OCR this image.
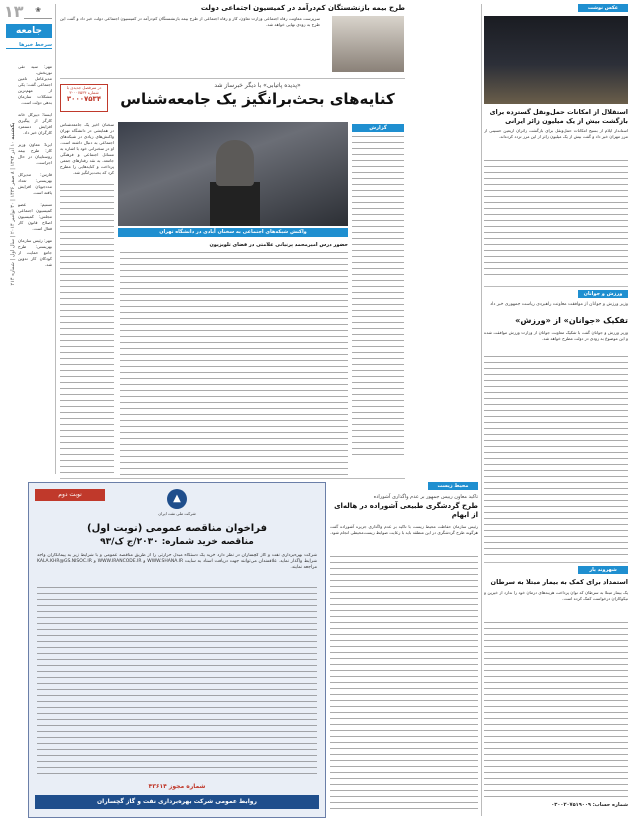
۱۳	❀
جامعه
سرخط خبرها
یکشنبه ۱۰ آذر ۱۳۹۳ | ۸ صفر ۱۴۳۶ | ۳۰ نوامبر ۲۰۱۴ | سال اول | شماره ۲۱۴
مهر: سید تقی نوربخش، مدیرعامل تامین اجتماعی گفت: یکی از مهم‌ترین مشکلات سازمان بدهی دولت است.
ایسنا: دبیرکل خانه کارگر از پیگیری افزایش دستمزد کارگران خبر داد.
ایرنا: معاون وزیر کار: طرح بیمه روستاییان در حال اجراست.
فارس: مدیرکل بهزیستی: تعداد مددجویان افزایش یافته است.
تسنیم: عضو کمیسیون اجتماعی مجلس: کمیسیون اصلاح قانون کار فعال است.
مهر: رئیس سازمان بهزیستی: طرح جامع حمایت از کودکان کار تدوین شد.
طرح بیمه بازنشستگان کم‌درآمد در کمیسیون اجتماعی دولت
سرپرست معاونت رفاه اجتماعی وزارت تعاون، کار و رفاه اجتماعی از طرح بیمه بازنشستگان کم‌درآمد در کمیسیون اجتماعی دولت خبر داد و گفت این طرح به زودی نهایی خواهد شد.
در سرفصل جدیدی با شماره ۳۰۰۰۷۵۳۴
۳۰۰۰۷۵۳۴
«پدیده پاتیابی» با دیگر خبرساز شد
کنایه‌های بحث‌برانگیز یک جامعه‌شناس
واکنش شبکه‌های اجتماعی به سخنان آبادی در دانشگاه تهران
گزارش
سخنان اخیر یک جامعه‌شناس در همایشی در دانشگاه تهران واکنش‌های زیادی در شبکه‌های اجتماعی به دنبال داشته است. او در سخنرانی خود با اشاره به مسائل اجتماعی و فرهنگی جامعه، به نقد رفتارهای جمعی پرداخت و کنایه‌هایی را مطرح کرد که بحث‌برانگیز شد.
حضور درس امیرمحمد پرنیانی علامتی در فضای تلویزیون
نوبت دوم	▲
شرکت ملی نفت ایران
فراخوان مناقصه عمومی (نوبت اول)
مناقصه خرید شماره: ۲۰۳۰/ج ک/۹۳
شرکت بهره‌برداری نفت و گاز گچساران در نظر دارد خرید یک دستگاه مبدل حرارتی را از طریق مناقصه عمومی و با شرایط زیر به پیمانکاران واجد شرایط واگذار نماید. علاقمندان می‌توانند جهت دریافت اسناد به سایت WWW.SHANA.IR و WWW.IRANCODE.IR و KALA.KHR@GS.NISOC.IR مراجعه نمایند.
شماره مجوز ۴۳۶۱۴
روابط عمومی شرکت بهره‌برداری نفت و گاز گچساران
محیط زیست
تاکید معاون رییس جمهور بر عدم واگذاری آشوراده
طرح گردشگری طبیعی آشوراده در هاله‌ای از ابهام
رئیس سازمان حفاظت محیط زیست با تاکید بر عدم واگذاری جزیره آشوراده گفت هرگونه طرح گردشگری در این منطقه باید با رعایت ضوابط زیست‌محیطی انجام شود.
عکس نوشت
استقلال از امکانات حمل‌ونقل گسترده برای بازگشت بیش از یک میلیون زائر ایرانی
استاندار ایلام از بسیج امکانات حمل‌ونقل برای بازگشت زائران اربعین حسینی از مرز مهران خبر داد و گفت بیش از یک میلیون زائر از این مرز تردد کرده‌اند.
ورزش و جوانان
وزیر ورزش و جوانان از موافقت معاونت راهبردی ریاست جمهوری خبر داد
تفکیک «جوانان» از «ورزش»
وزیر ورزش و جوانان گفت با تفکیک معاونت جوانان از وزارت ورزش موافقت شده و این موضوع به زودی در دولت مطرح خواهد شد.
شهروند یار
استمداد برای کمک به بیمار مبتلا به سرطان
یک بیمار مبتلا به سرطان که توان پرداخت هزینه‌های درمان خود را ندارد از خیرین و نیکوکاران درخواست کمک کرده است.
شماره حساب: ۰۳۰۰۲۰۷۵۱۹۰۰۹
